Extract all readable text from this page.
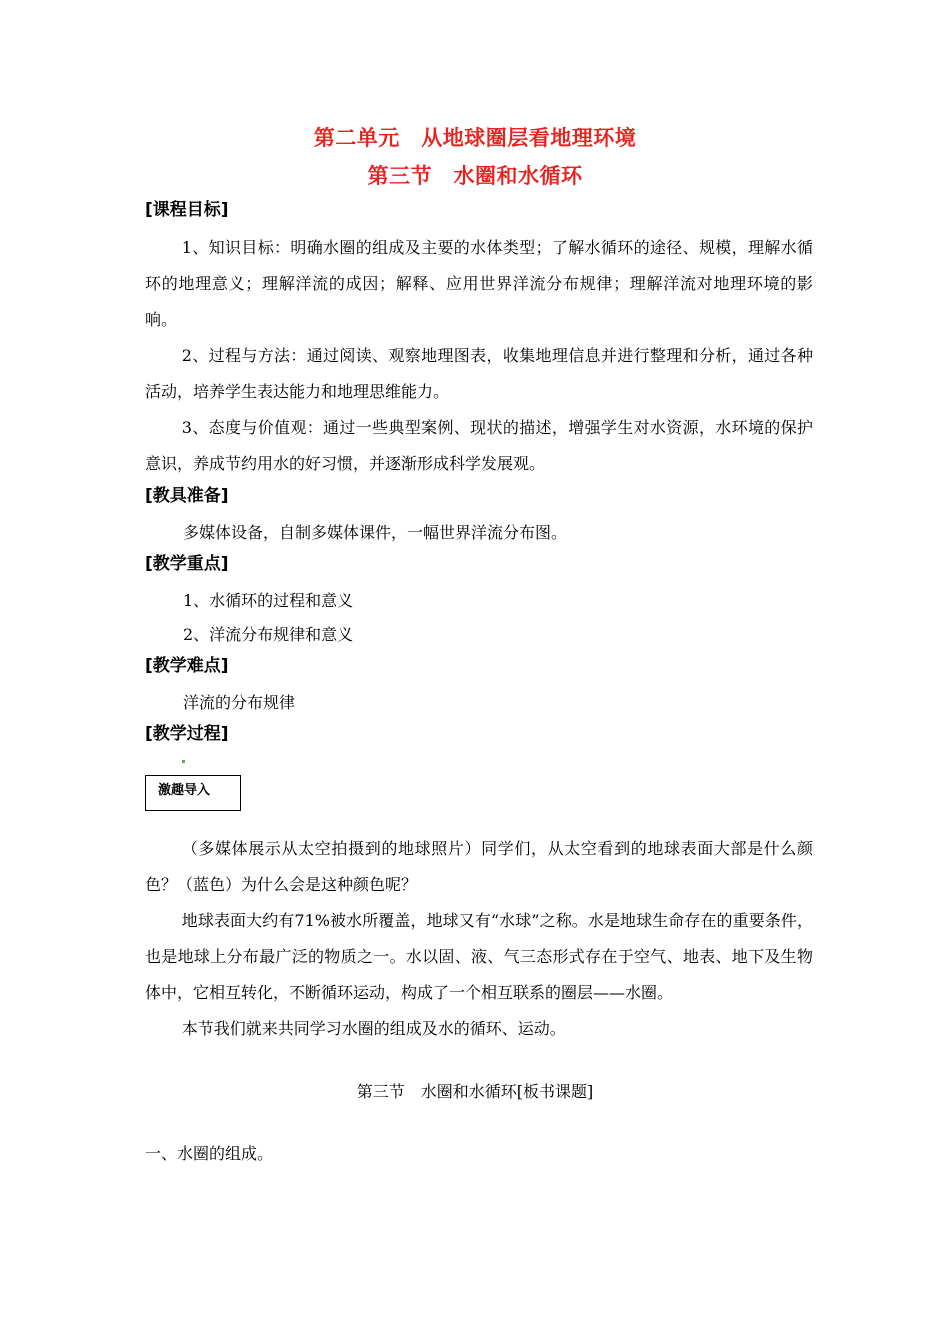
第二单元　从地球圈层看地理环境
第三节　水圈和水循环
[课程目标]

1、知识目标：明确水圈的组成及主要的水体类型；了解水循环的途径、规模，理解水循环的地理意义；理解洋流的成因；解释、应用世界洋流分布规律；理解洋流对地理环境的影响。

2、过程与方法：通过阅读、观察地理图表，收集地理信息并进行整理和分析，通过各种活动，培养学生表达能力和地理思维能力。

3、态度与价值观：通过一些典型案例、现状的描述，增强学生对水资源，水环境的保护意识，养成节约用水的好习惯，并逐渐形成科学发展观。

[教具准备]

多媒体设备，自制多媒体课件，一幅世界洋流分布图。

[教学重点]

1、水循环的过程和意义

2、洋流分布规律和意义

[教学难点]

洋流的分布规律

[教学过程]
激趣导入

（多媒体展示从太空拍摄到的地球照片）同学们，从太空看到的地球表面大部是什么颜色？（蓝色）为什么会是这种颜色呢？

地球表面大约有71%被水所覆盖，地球又有“水球”之称。水是地球生命存在的重要条件，也是地球上分布最广泛的物质之一。水以固、液、气三态形式存在于空气、地表、地下及生物体中，它相互转化，不断循环运动，构成了一个相互联系的圈层——水圈。

本节我们就来共同学习水圈的组成及水的循环、运动。

第三节　水圈和水循环[板书课题]
一、水圈的组成。
